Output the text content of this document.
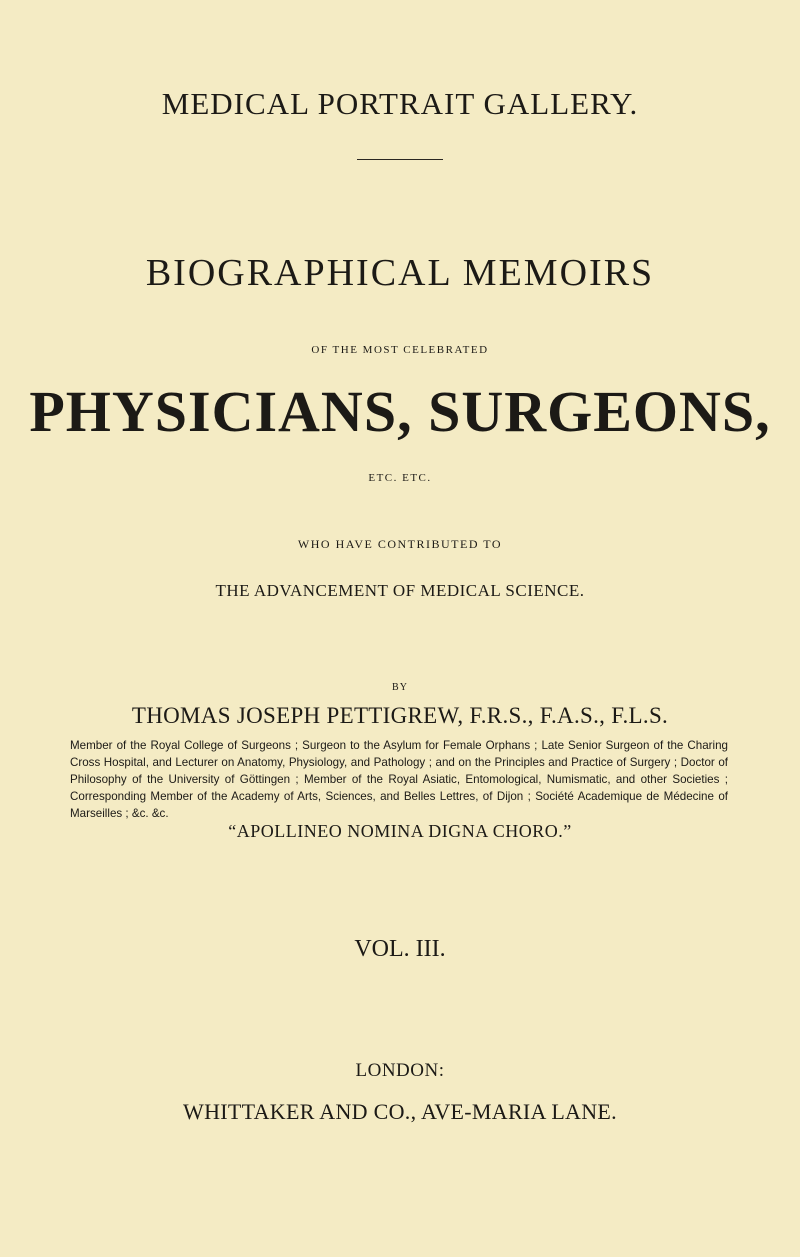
MEDICAL PORTRAIT GALLERY.
BIOGRAPHICAL MEMOIRS
OF THE MOST CELEBRATED
PHYSICIANS, SURGEONS,
ETC. ETC.
WHO HAVE CONTRIBUTED TO
THE ADVANCEMENT OF MEDICAL SCIENCE.
BY
THOMAS JOSEPH PETTIGREW, F.R.S., F.A.S., F.L.S.

Member of the Royal College of Surgeons ; Surgeon to the Asylum for Female Orphans ; Late Senior Surgeon of the Charing Cross Hospital, and Lecturer on Anatomy, Physiology, and Pathology ; and on the Principles and Practice of Surgery ; Doctor of Philosophy of the University of Göttingen ; Member of the Royal Asiatic, Entomological, Numismatic, and other Societies ; Corresponding Member of the Academy of Arts, Sciences, and Belles Lettres, of Dijon ; Société Academique de Médecine of Marseilles ; &c. &c.

“APOLLINEO NOMINA DIGNA CHORO.”
VOL. III.
LONDON:
WHITTAKER AND CO., AVE-MARIA LANE.
